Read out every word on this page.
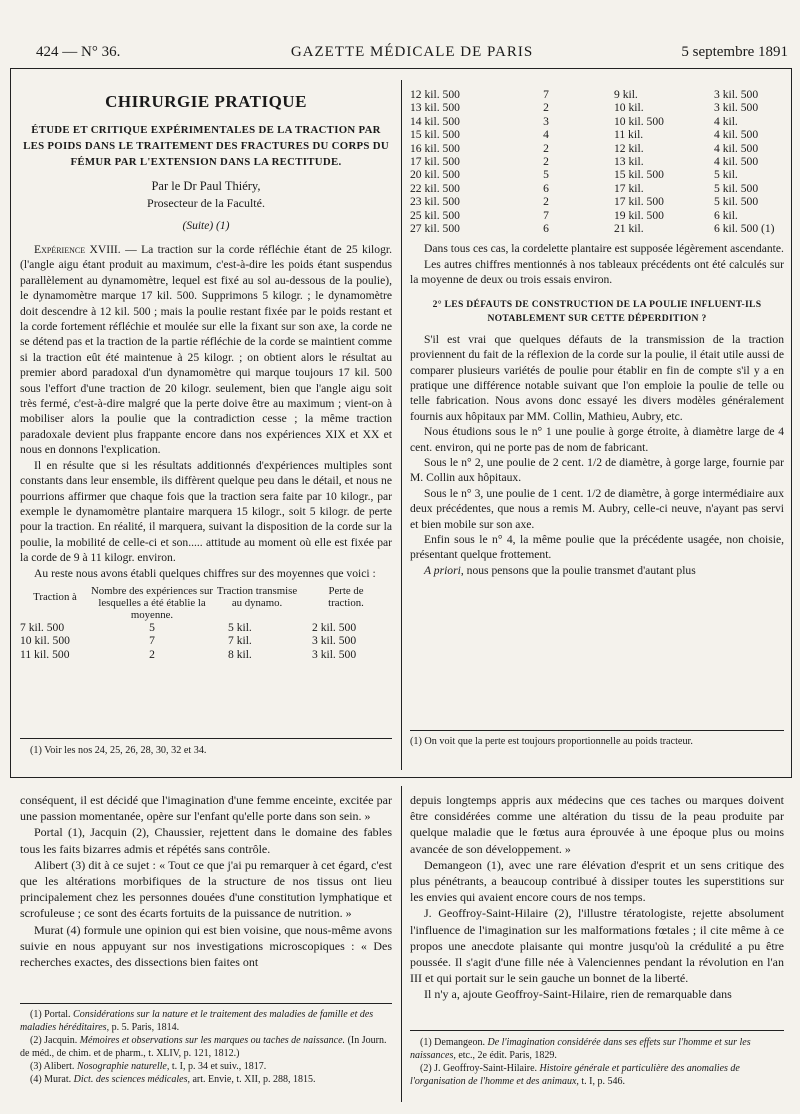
424 — N° 36.	GAZETTE MÉDICALE DE PARIS	5 septembre 1891
CHIRURGIE PRATIQUE
ÉTUDE ET CRITIQUE EXPÉRIMENTALES DE LA TRACTION PAR LES POIDS DANS LE TRAITEMENT DES FRACTURES DU CORPS DU FÉMUR PAR L'EXTENSION DANS LA RECTITUDE.
Par le Dr Paul Thiéry,
Prosecteur de la Faculté.
(Suite) (1)

Expérience XVIII. — La traction sur la corde réfléchie étant de 25 kilogr. (l'angle aigu étant produit au maximum, c'est-à-dire les poids étant suspendus parallèlement au dynamomètre, lequel est fixé au sol au-dessous de la poulie), le dynamomètre marque 17 kil. 500. Supprimons 5 kilogr. ; le dynamomètre doit descendre à 12 kil. 500 ; mais la poulie restant fixée par le poids restant et la corde fortement réfléchie et moulée sur elle la fixant sur son axe, la corde ne se détend pas et la traction de la partie réfléchie de la corde se maintient comme si la traction eût été maintenue à 25 kilogr. ; on obtient alors le résultat au premier abord paradoxal d'un dynamomètre qui marque toujours 17 kil. 500 sous l'effort d'une traction de 20 kilogr. seulement, bien que l'angle aigu soit très fermé, c'est-à-dire malgré que la perte doive être au maximum ; vient-on à mobiliser alors la poulie que la contradiction cesse ; la même traction paradoxale devient plus frappante encore dans nos expériences XIX et XX et nous en donnons l'explication.

Il en résulte que si les résultats additionnés d'expériences multiples sont constants dans leur ensemble, ils diffèrent quelque peu dans le détail, et nous ne pourrions affirmer que chaque fois que la traction sera faite par 10 kilogr., par exemple le dynamomètre plantaire marquera 15 kilogr., soit 5 kilogr. de perte pour la traction. En réalité, il marquera, suivant la disposition de la corde sur la poulie, la mobilité de celle-ci et son..... attitude au moment où elle est fixée par la corde de 9 à 11 kilogr. environ.

Au reste nous avons établi quelques chiffres sur des moyennes que voici :

Traction à	Nombre des expériences sur lesquelles a été établie la moyenne.	Traction transmise au dynamo.	Perte de traction.
7 kil. 500	5	5 kil.	2 kil. 500
10 kil. 500	7	7 kil.	3 kil. 500
11 kil. 500	2	8 kil.	3 kil. 500
(1) Voir les nos 24, 25, 26, 28, 30, 32 et 34.
12 kil. 500	7	9 kil.	3 kil. 500
13 kil. 500	2	10 kil.	3 kil. 500
14 kil. 500	3	10 kil. 500	4 kil.
15 kil. 500	4	11 kil.	4 kil. 500
16 kil. 500	2	12 kil.	4 kil. 500
17 kil. 500	2	13 kil.	4 kil. 500
20 kil. 500	5	15 kil. 500	5 kil.
22 kil. 500	6	17 kil.	5 kil. 500
23 kil. 500	2	17 kil. 500	5 kil. 500
25 kil. 500	7	19 kil. 500	6 kil.
27 kil. 500	6	21 kil.	6 kil. 500 (1)

Dans tous ces cas, la cordelette plantaire est supposée légèrement ascendante.

Les autres chiffres mentionnés à nos tableaux précédents ont été calculés sur la moyenne de deux ou trois essais environ.

2° LES DÉFAUTS DE CONSTRUCTION DE LA POULIE INFLUENT-ILS NOTABLEMENT SUR CETTE DÉPERDITION ?

S'il est vrai que quelques défauts de la transmission de la traction proviennent du fait de la réflexion de la corde sur la poulie, il était utile aussi de comparer plusieurs variétés de poulie pour établir en fin de compte s'il y a en pratique une différence notable suivant que l'on emploie la poulie de telle ou telle fabrication. Nous avons donc essayé les divers modèles généralement fournis aux hôpitaux par MM. Collin, Mathieu, Aubry, etc.

Nous étudions sous le n° 1 une poulie à gorge étroite, à diamètre large de 4 cent. environ, qui ne porte pas de nom de fabricant.

Sous le n° 2, une poulie de 2 cent. 1/2 de diamètre, à gorge large, fournie par M. Collin aux hôpitaux.

Sous le n° 3, une poulie de 1 cent. 1/2 de diamètre, à gorge intermédiaire aux deux précédentes, que nous a remis M. Aubry, celle-ci neuve, n'ayant pas servi et bien mobile sur son axe.

Enfin sous le n° 4, la même poulie que la précédente usagée, non choisie, présentant quelque frottement.

A priori, nous pensons que la poulie transmet d'autant plus

(1) On voit que la perte est toujours proportionnelle au poids tracteur.

conséquent, il est décidé que l'imagination d'une femme enceinte, excitée par une passion momentanée, opère sur l'enfant qu'elle porte dans son sein. »

Portal (1), Jacquin (2), Chaussier, rejettent dans le domaine des fables tous les faits bizarres admis et répétés sans contrôle.

Alibert (3) dit à ce sujet : « Tout ce que j'ai pu remarquer à cet égard, c'est que les altérations morbifiques de la structure de nos tissus ont lieu principalement chez les personnes douées d'une constitution lymphatique et scrofuleuse ; ce sont des écarts fortuits de la puissance de nutrition. »

Murat (4) formule une opinion qui est bien voisine, que nous-même avons suivie en nous appuyant sur nos investigations microscopiques : « Des recherches exactes, des dissections bien faites ont

(1) Portal. Considérations sur la nature et le traitement des maladies de famille et des maladies héréditaires, p. 5. Paris, 1814.

(2) Jacquin. Mémoires et observations sur les marques ou taches de naissance. (In Journ. de méd., de chim. et de pharm., t. XLIV, p. 121, 1812.)

(3) Alibert. Nosographie naturelle, t. I, p. 34 et suiv., 1817.

(4) Murat. Dict. des sciences médicales, art. Envie, t. XII, p. 288, 1815.

depuis longtemps appris aux médecins que ces taches ou marques doivent être considérées comme une altération du tissu de la peau produite par quelque maladie que le fœtus aura éprouvée à une époque plus ou moins avancée de son développement. »

Demangeon (1), avec une rare élévation d'esprit et un sens critique des plus pénétrants, a beaucoup contribué à dissiper toutes les superstitions sur les envies qui avaient encore cours de nos temps.

J. Geoffroy-Saint-Hilaire (2), l'illustre tératologiste, rejette absolument l'influence de l'imagination sur les malformations fœtales ; il cite même à ce propos une anecdote plaisante qui montre jusqu'où la crédulité a pu être poussée. Il s'agit d'une fille née à Valenciennes pendant la révolution en l'an III et qui portait sur le sein gauche un bonnet de la liberté.

Il n'y a, ajoute Geoffroy-Saint-Hilaire, rien de remarquable dans

(1) Demangeon. De l'imagination considérée dans ses effets sur l'homme et sur les naissances, etc., 2e édit. Paris, 1829.

(2) J. Geoffroy-Saint-Hilaire. Histoire générale et particulière des anomalies de l'organisation de l'homme et des animaux, t. I, p. 546.
